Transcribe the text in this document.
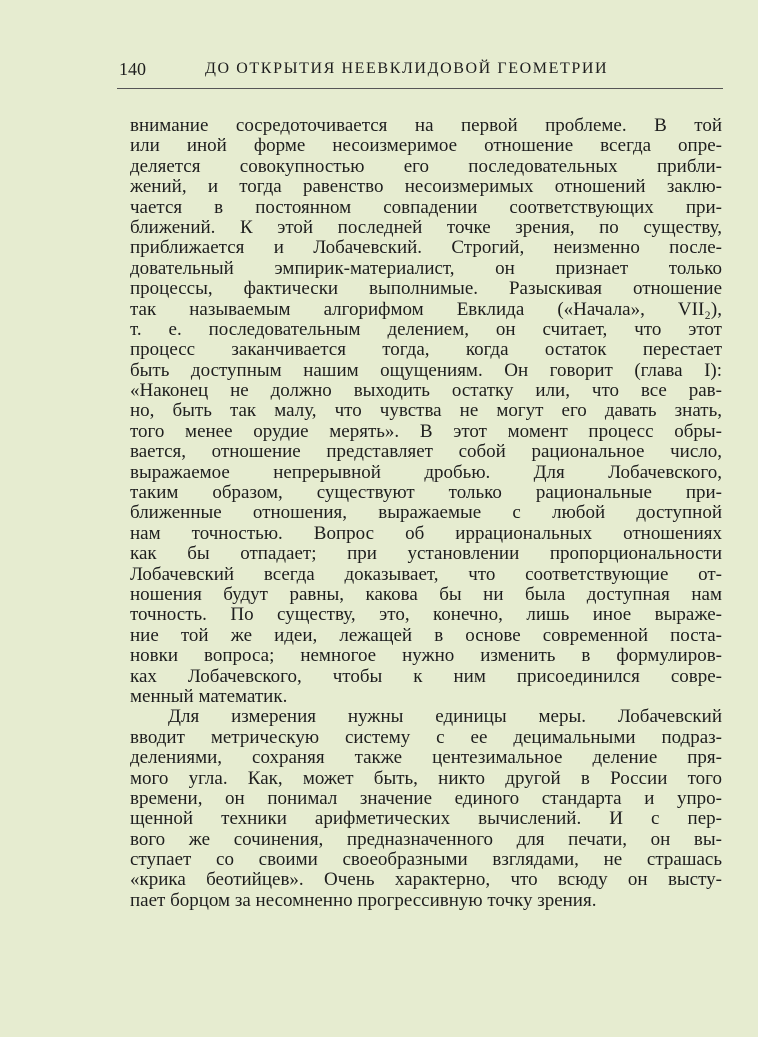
140	ДО ОТКРЫТИЯ НЕЕВКЛИДОВОЙ ГЕОМЕТРИИ
внимание сосредоточивается на первой проблеме. В той
или иной форме несоизмеримое отношение всегда опре-
деляется совокупностью его последовательных прибли-
жений, и тогда равенство несоизмеримых отношений заклю-
чается в постоянном совпадении соответствующих при-
ближений. К этой последней точке зрения, по существу,
приближается и Лобачевский. Строгий, неизменно после-
довательный эмпирик-материалист, он признает только
процессы, фактически выполнимые. Разыскивая отношение
так называемым алгорифмом Евклида («Начала», VII₂),
т. е. последовательным делением, он считает, что этот
процесс заканчивается тогда, когда остаток перестает
быть доступным нашим ощущениям. Он говорит (глава I):
«Наконец не должно выходить остатку или, что все рав-
но, быть так малу, что чувства не могут его давать знать,
того менее орудие мерять». В этот момент процесс обры-
вается, отношение представляет собой рациональное число,
выражаемое непрерывной дробью. Для Лобачевского,
таким образом, существуют только рациональные при-
ближенные отношения, выражаемые с любой доступной
нам точностью. Вопрос об иррациональных отношениях
как бы отпадает; при установлении пропорциональности
Лобачевский всегда доказывает, что соответствующие от-
ношения будут равны, какова бы ни была доступная нам
точность. По существу, это, конечно, лишь иное выраже-
ние той же идеи, лежащей в основе современной поста-
новки вопроса; немногое нужно изменить в формулиров-
ках Лобачевского, чтобы к ним присоединился совре-
менный математик.
Для измерения нужны единицы меры. Лобачевский
вводит метрическую систему с ее децимальными подраз-
делениями, сохраняя также центезимальное деление пря-
мого угла. Как, может быть, никто другой в России того
времени, он понимал значение единого стандарта и упро-
щенной техники арифметических вычислений. И с пер-
вого же сочинения, предназначенного для печати, он вы-
ступает со своими своеобразными взглядами, не страшась
«крика беотийцев». Очень характерно, что всюду он высту-
пает борцом за несомненно прогрессивную точку зрения.
